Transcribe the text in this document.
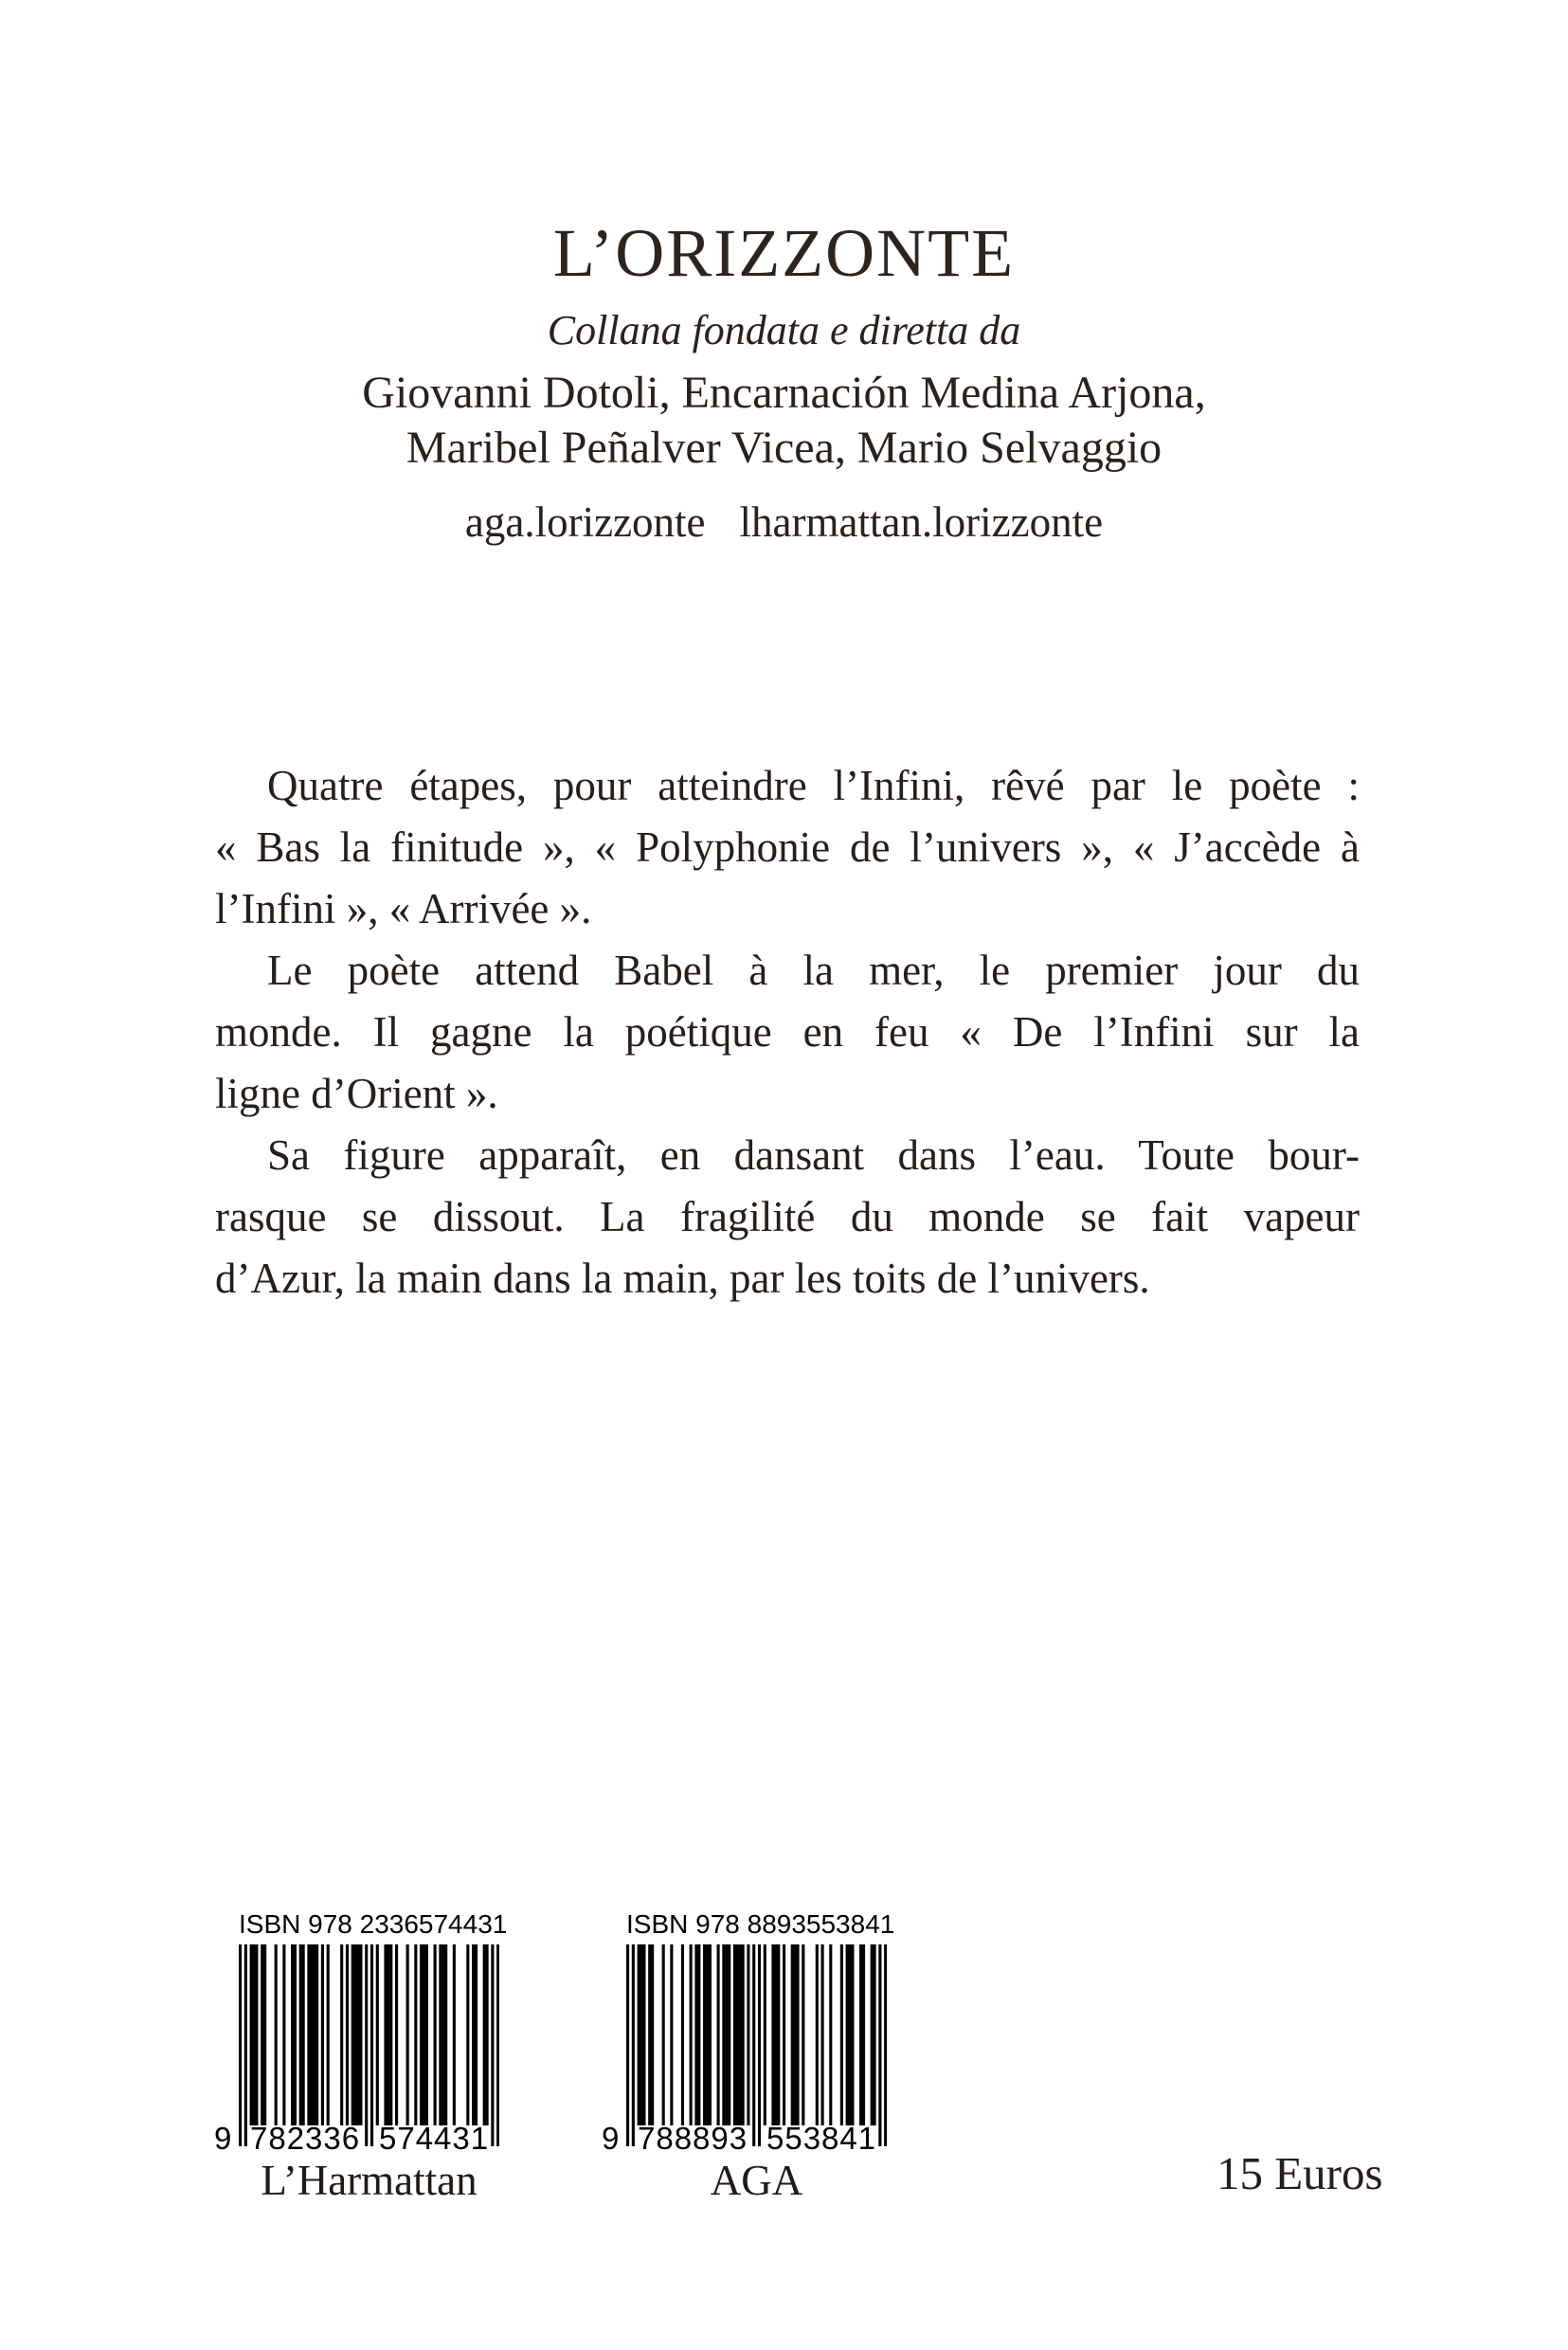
L’ORIZZONTE
Collana fondata e diretta da
Giovanni Dotoli, Encarnación Medina Arjona,
Maribel Peñalver Vicea, Mario Selvaggio
aga.lorizzonte lharmattan.lorizzonte
Quatre étapes, pour atteindre l’Infini, rêvé par le poète :
« Bas la finitude », « Polyphonie de l’univers », « J’accède à
l’Infini », « Arrivée ».
Le poète attend Babel à la mer, le premier jour du
monde. Il gagne la poétique en feu « De l’Infini sur la
ligne d’Orient ».
Sa figure apparaît, en dansant dans l’eau. Toute bour-
rasque se dissout. La fragilité du monde se fait vapeur
d’Azur, la main dans la main, par les toits de l’univers.
ISBN 978 2336574431
9 782336 574431
L’Harmattan
ISBN 978 8893553841
9 788893 553841
AGA	15 Euros
